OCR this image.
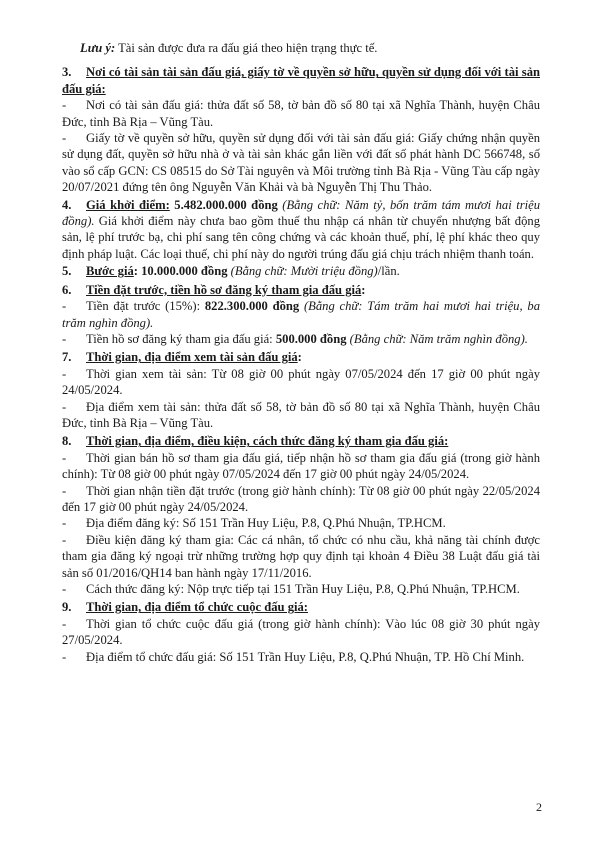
Lưu ý: Tài sản được đưa ra đấu giá theo hiện trạng thực tế.

3. Nơi có tài sản tài sản đấu giá, giấy tờ về quyền sở hữu, quyền sử dụng đối với tài sản đấu giá:

- Nơi có tài sản đấu giá: thửa đất số 58, tờ bản đồ số 80 tại xã Nghĩa Thành, huyện Châu Đức, tỉnh Bà Rịa – Vũng Tàu.

- Giấy tờ về quyền sở hữu, quyền sử dụng đối với tài sản đấu giá: Giấy chứng nhận quyền sử dụng đất, quyền sở hữu nhà ở và tài sản khác gắn liền với đất số phát hành DC 566748, số vào sổ cấp GCN: CS 08515 do Sở Tài nguyên và Môi trường tỉnh Bà Rịa - Vũng Tàu cấp ngày 20/07/2021 đứng tên ông Nguyễn Văn Khải và bà Nguyễn Thị Thu Thảo.

4. Giá khởi điểm: 5.482.000.000 đồng (Bằng chữ: Năm tỷ, bốn trăm tám mươi hai triệu đồng). Giá khởi điểm này chưa bao gồm thuế thu nhập cá nhân từ chuyển nhượng bất động sản, lệ phí trước bạ, chi phí sang tên công chứng và các khoản thuế, phí, lệ phí khác theo quy định pháp luật. Các loại thuế, chi phí này do người trúng đấu giá chịu trách nhiệm thanh toán.

5. Bước giá: 10.000.000 đồng (Bằng chữ: Mười triệu đồng)/lần.

6. Tiền đặt trước, tiền hồ sơ đăng ký tham gia đấu giá:

- Tiền đặt trước (15%): 822.300.000 đồng (Bằng chữ: Tám trăm hai mươi hai triệu, ba trăm nghìn đồng).

- Tiền hồ sơ đăng ký tham gia đấu giá: 500.000 đồng (Bằng chữ: Năm trăm nghìn đồng).

7. Thời gian, địa điểm xem tài sản đấu giá:

- Thời gian xem tài sản: Từ 08 giờ 00 phút ngày 07/05/2024 đến 17 giờ 00 phút ngày 24/05/2024.

- Địa điểm xem tài sản: thửa đất số 58, tờ bản đồ số 80 tại xã Nghĩa Thành, huyện Châu Đức, tỉnh Bà Rịa – Vũng Tàu.

8. Thời gian, địa điểm, điều kiện, cách thức đăng ký tham gia đấu giá:

- Thời gian bán hồ sơ tham gia đấu giá, tiếp nhận hồ sơ tham gia đấu giá (trong giờ hành chính): Từ 08 giờ 00 phút ngày 07/05/2024 đến 17 giờ 00 phút ngày 24/05/2024.

- Thời gian nhận tiền đặt trước (trong giờ hành chính): Từ 08 giờ 00 phút ngày 22/05/2024 đến 17 giờ 00 phút ngày 24/05/2024.

- Địa điểm đăng ký: Số 151 Trần Huy Liệu, P.8, Q.Phú Nhuận, TP.HCM.

- Điều kiện đăng ký tham gia: Các cá nhân, tổ chức có nhu cầu, khả năng tài chính được tham gia đăng ký ngoại trừ những trường hợp quy định tại khoản 4 Điều 38 Luật đấu giá tài sản số 01/2016/QH14 ban hành ngày 17/11/2016.

- Cách thức đăng ký: Nộp trực tiếp tại 151 Trần Huy Liệu, P.8, Q.Phú Nhuận, TP.HCM.

9. Thời gian, địa điểm tổ chức cuộc đấu giá:

- Thời gian tổ chức cuộc đấu giá (trong giờ hành chính): Vào lúc 08 giờ 30 phút ngày 27/05/2024.

- Địa điểm tổ chức đấu giá: Số 151 Trần Huy Liệu, P.8, Q.Phú Nhuận, TP. Hồ Chí Minh.

2
